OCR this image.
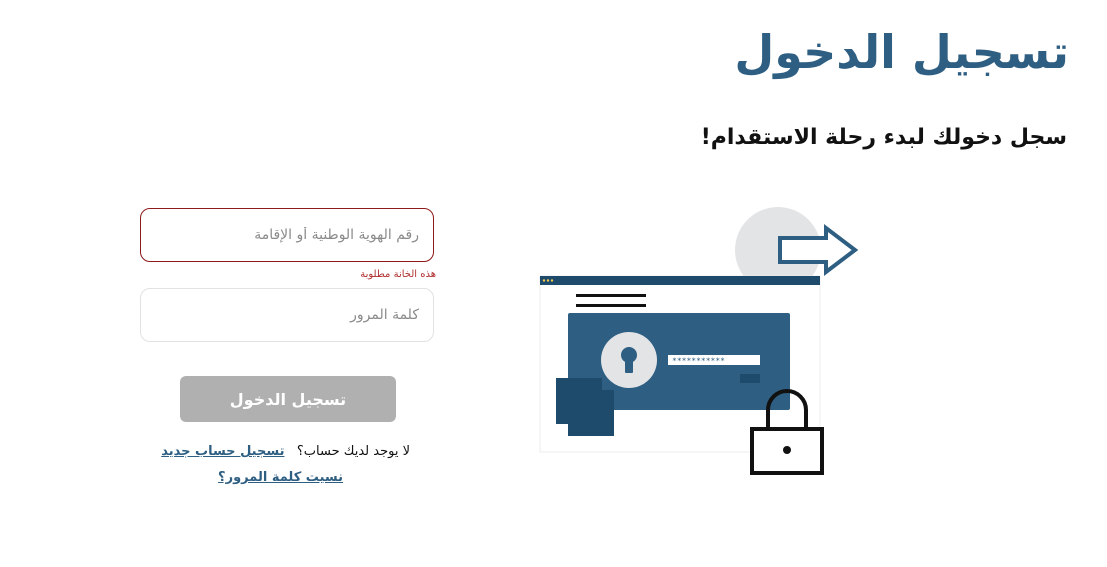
تسجيل الدخول
سجل دخولك لبدء رحلة الاستقدام!
رقم الهوية الوطنية أو الإقامة
هذه الخانة مطلوبة
تسجيل الدخول
لا يوجد لديك حساب؟   تسجيل حساب جديد
نسيت كلمة المرور؟
***********
